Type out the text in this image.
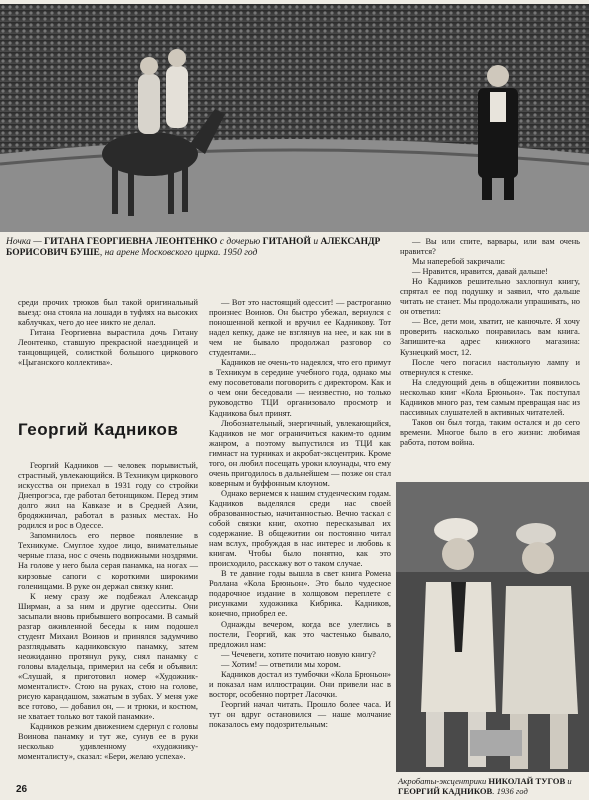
Ночка — ГИТАНА ГЕОРГИЕВНА ЛЕОНТЕНКО с дочерью ГИТАНОЙ и АЛЕКСАНДР БОРИСОВИЧ БУШЕ, на арене Московского цирка. 1950 год

среди прочих трюков был такой оригинальный выезд: она стояла на лошади в туфлях на высоких каблучках, чего до нее никто не делал.

Гитана Георгиевна вырастила дочь Гитану Леонтенко, ставшую прекрасной наездницей и танцовщицей, солисткой большого циркового «Цыганского коллектива».

Георгий Кадников

Георгий Кадников — человек порывистый, страстный, увлекающийся. В Техникум циркового искусства он приехал в 1931 году со стройки Днепрогэса, где работал бетонщиком. Перед этим долго жил на Кавказе и в Средней Азии, бродяжничал, работал в разных местах. Но родился и рос в Одессе.

Запомнилось его первое появление в Техникуме. Смуглое худое лицо, внимательные черные глаза, нос с очень подвижными ноздрями. На голове у него была серая панамка, на ногах — кирзовые сапоги с короткими широкими голенищами. В руке он держал связку книг.

К нему сразу же подбежал Александр Ширман, а за ним и другие одесситы. Они засыпали вновь прибывшего вопросами. В самый разгар оживленной беседы к ним подошел студент Михаил Воинов и принялся задумчиво разглядывать кадниковскую панамку, затем неожиданно протянул руку, снял панамку с головы владельца, примерил на себя и объявил: «Слушай, я приготовил номер «Художник-моменталист». Стою на руках, стою на голове, рисую карандашом, зажатым в зубах. У меня уже все готово, — добавил он, — и трюки, и костюм, не хватает только вот такой панамки».

Кадников резким движением сдернул с головы Воинова панамку и тут же, сунув ее в руки несколько удивленному «художнику-моменталисту», сказал: «Бери, желаю успеха».

— Вот это настоящий одессит! — растроганно произнес Воинов. Он быстро убежал, вернулся с поношенной кепкой и вручил ее Кадникову. Тот надел кепку, даже не взглянув на нее, и как ни в чем не бывало продолжал разговор со студентами...

Кадников не очень-то надеялся, что его примут в Техникум в середине учебного года, однако мы ему посоветовали поговорить с директором. Как и о чем они беседовали — неизвестно, но только руководство ТЦИ организовало просмотр и Кадникова был принят.

Любознательный, энергичный, увлекающийся, Кадников не мог ограничиться каким-то одним жанром, а поэтому выпустился из ТЦИ как гимнаст на турниках и акробат-эксцентрик. Кроме того, он любил посещать уроки клоунады, что ему очень пригодилось в дальнейшем — позже он стал коверным и буффонным клоуном.

Однако вернемся к нашим студенческим годам. Кадников выделялся среди нас своей образованностью, начитанностью. Вечно таскал с собой связки книг, охотно пересказывал их содержание. В общежитии он постоянно читал нам вслух, пробуждая в нас интерес и любовь к книгам. Чтобы было понятно, как это происходило, расскажу вот о таком случае.

В те давние годы вышла в свет книга Ромена Роллана «Кола Брюньон». Это было чудесное подарочное издание в холщовом переплете с рисунками художника Кибрика. Кадников, конечно, приобрел ее.

Однажды вечером, когда все улеглись в постели, Георгий, как это частенько бывало, предложил нам:

— Чечевеги, хотите почитаю новую книгу?

— Хотим! — ответили мы хором.

Кадников достал из тумбочки «Кола Брюньон» и показал нам иллюстрации. Они привели нас в восторг, особенно портрет Ласочки.

Георгий начал читать. Прошло более часа. И тут он вдруг остановился — наше молчание показалось ему подозрительным:

— Вы или спите, варвары, или вам очень нравится?

Мы наперебой закричали:

— Нравится, нравится, давай дальше!

Но Кадников решительно захлопнул книгу, спрятал ее под подушку и заявил, что дальше читать не станет. Мы продолжали упрашивать, но он ответил:

— Все, дети мои, хватит, не канючьте. Я хочу проверить насколько понравилась вам книга. Запишите-ка адрес книжного магазина: Кузнецкий мост, 12.

После чего погасил настольную лампу и отвернулся к стенке.

На следующий день в общежитии появилось несколько книг «Кола Брюньон». Так поступал Кадников много раз, тем самым превращая нас из пассивных слушателей в активных читателей.

Таков он был тогда, таким остался и до сего времени. Многое было в его жизни: любимая работа, потом война.

Акробаты-эксцентрики НИКОЛАЙ ТУГОВ и ГЕОРГИЙ КАДНИКОВ. 1936 год
26
